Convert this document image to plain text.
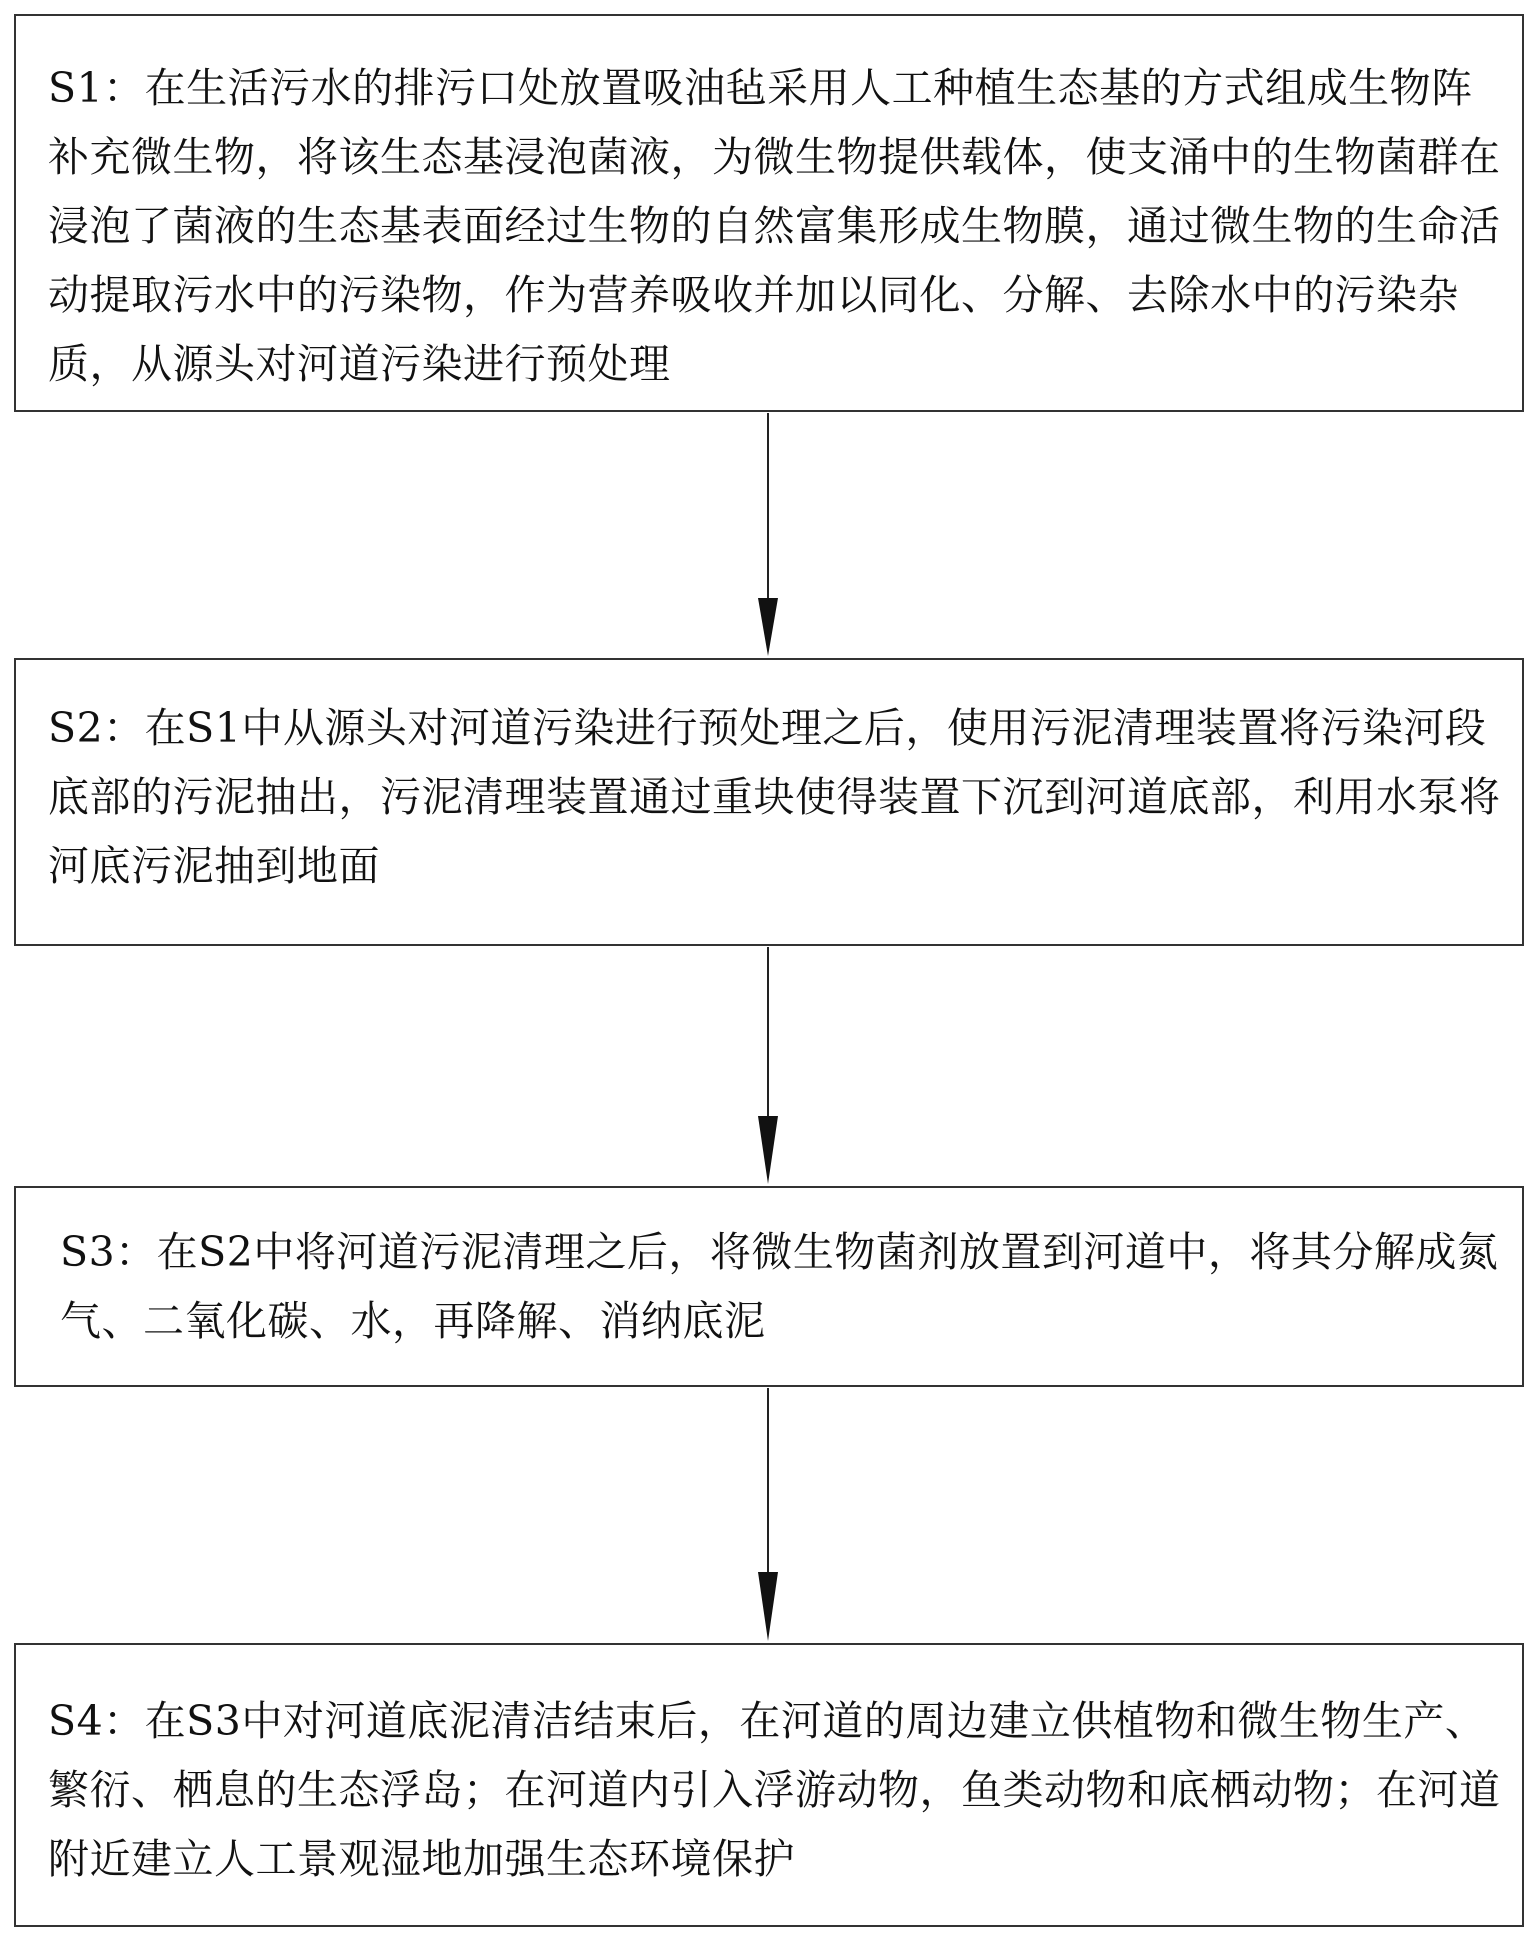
S1：在生活污水的排污口处放置吸油毡采用人工种植生态基的方式组成生物阵补充微生物，将该生态基浸泡菌液，为微生物提供载体，使支涌中的生物菌群在浸泡了菌液的生态基表面经过生物的自然富集形成生物膜，通过微生物的生命活动提取污水中的污染物，作为营养吸收并加以同化、分解、去除水中的污染杂质，从源头对河道污染进行预处理
S2：在S1中从源头对河道污染进行预处理之后，使用污泥清理装置将污染河段底部的污泥抽出，污泥清理装置通过重块使得装置下沉到河道底部，利用水泵将河底污泥抽到地面
S3：在S2中将河道污泥清理之后，将微生物菌剂放置到河道中，将其分解成氮气、二氧化碳、水，再降解、消纳底泥
S4：在S3中对河道底泥清洁结束后，在河道的周边建立供植物和微生物生产、繁衍、栖息的生态浮岛；在河道内引入浮游动物，鱼类动物和底栖动物；在河道附近建立人工景观湿地加强生态环境保护
